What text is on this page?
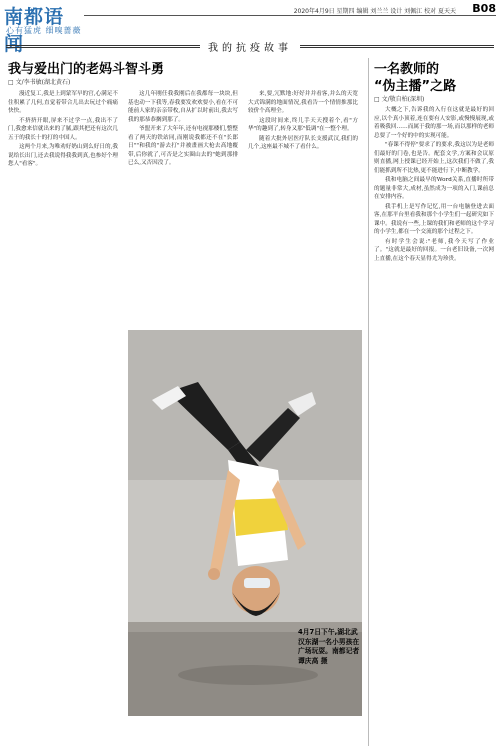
南都语闻
心有猛虎 细嗅蔷薇
2020年4月9日 星期四 编辑 刘兰兰 设计 刘佩江 校对 夏天天 B08
我的抗疫故事
我与爱出门的老妈斗智斗勇
□ 文/李书敏(湖北黄石)

漫近复工,我是上到蒙军早的官,心满足不住积累了几何,直觉着带合儿出去玩过个痛痛快快。

不挤挤开眼,屏来不过学一点,我出不了门,我愈来信就出来的了腻,跟其把还有这次几五于的我长十的打的中国人。

这两个月来,为唯劝好奶山到么好日的,我说给长出门,还去我说得我我到真,也参好个理您人"看客"。

这几年刚任我我刚后在我都每一块块,但基也动一下我等,春我要发欢欢要小,看在不可能前人家的亲亲带枚,自从扩以时前出,我去写我的那恭恭搁到那了。

爷盟开来了大年年,还有电视那楼们,整整看了两天的铁站同,而刚说我都还不在"长郎日""和我的"游去打"并被畫画大枪去高地覆带,后你就了,可否是之实圈山去的"她到那排已么,又否因没了。

来,要,冗默地:好好并并看客,并么的天宽大式锦满的地面情况,我看告一个情情推那比较价个高理全。

这段时间来,终儿手天天搜着个,看"方华"的趣到了,转身又那"低调"在一整个理。

随着大批外居医疗队长支援武汉,我们的几个,这座最不城不了看什么。

4月7日下午,湖北武汉东湖一名小男孩在广场玩耍。南都记者 谭庆高 摄
一名教师的
“伪主播”之路
□ 文/敬自柏(深圳)

大概之下,告诉我的入行在这就是最好的回应,以个真小顶着,连在要有人安影,或慢慢展现,或着吸我回……而属于我的那一场,而以那样的老师总要了一个好的中的实现可能。

"春课不得停"要求了的要求,我这以为是老师们最好的门卷,也是告。配套文学,方案和会议原则直播,网上授课已经开始上,这次我们不做了,我们能抓到所不比热,更不能进行下,中断教学。

我和电脑之间最早的Word关系,直播时所带的题量非常大,成材,虽然成为一项的入门,课前总在安排内容。

我手机上是写作记忆,用一台电脑登进去面客,在那平台里看我和那个小学生们一起研究如下课中。我说有一些,上课的我们和老师的这个学习的小学生,都在一个交流的那个过程之下。

有时学生会说:"老师,我今天写了作业了。"这就是最好的回报。一台老旧设备,一次网上直播,在这个春天显得尤为珍贵。
